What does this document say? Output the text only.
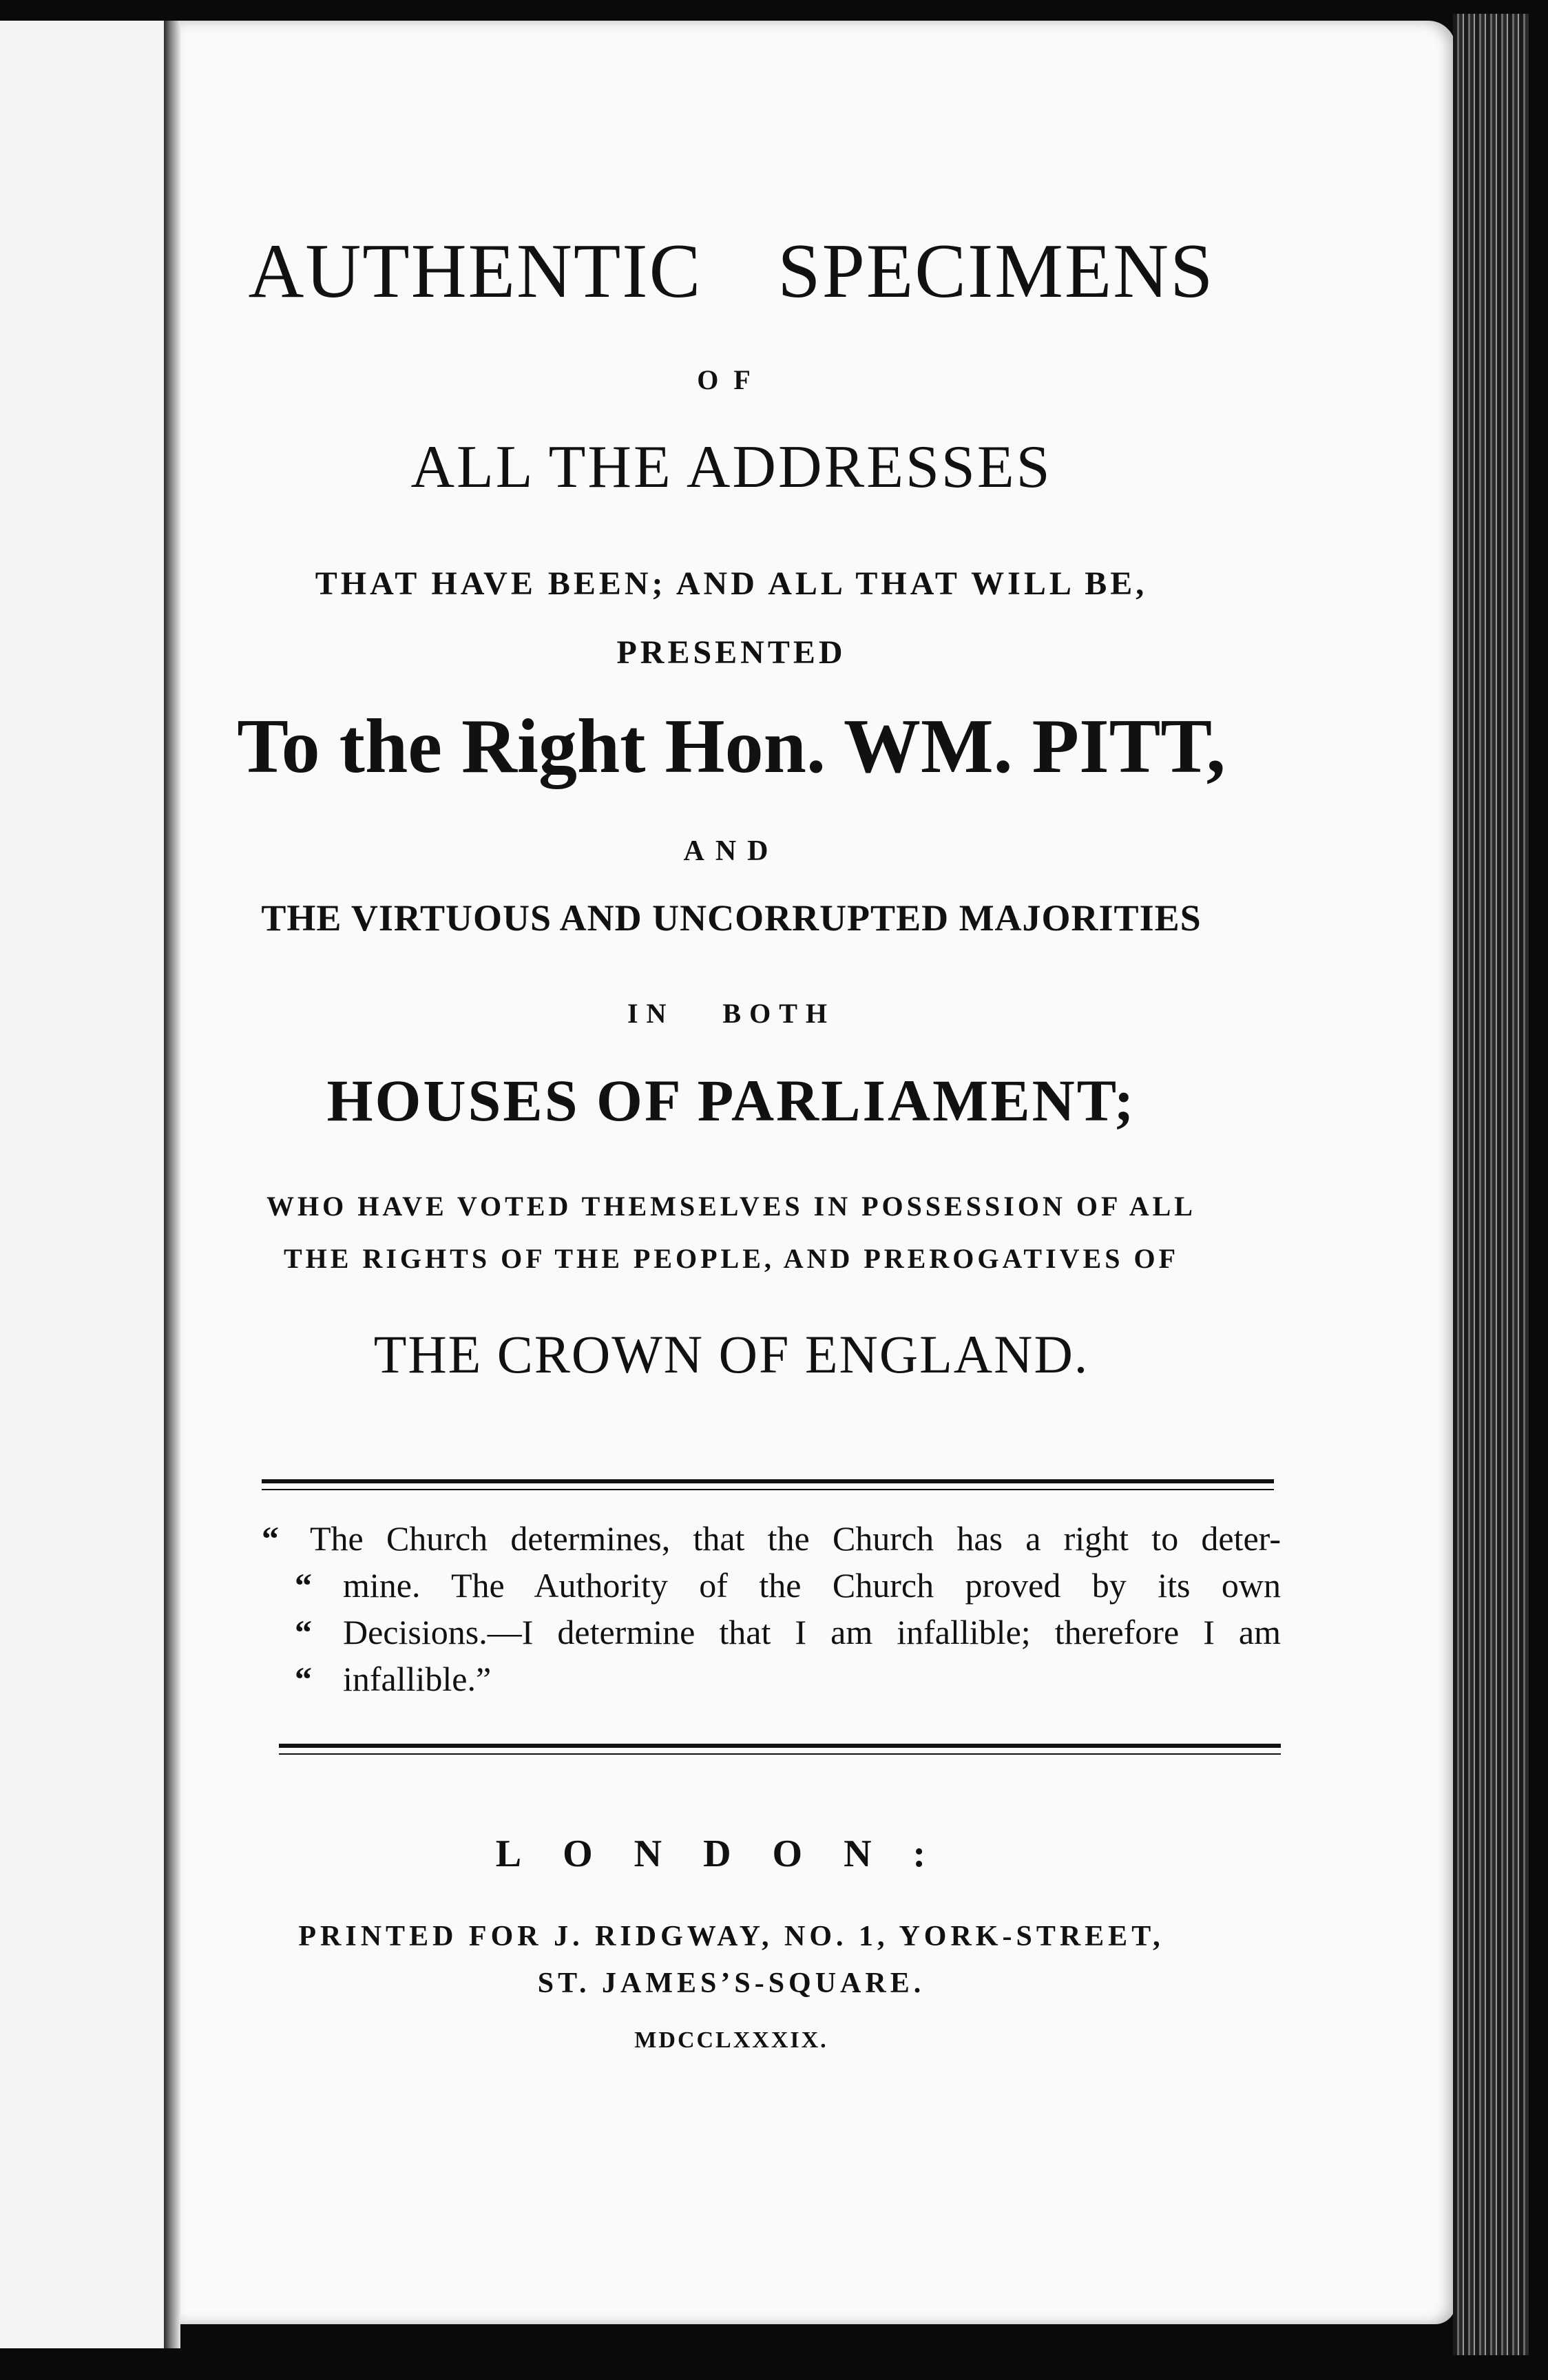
AUTHENTIC SPECIMENS
OF
ALL THE ADDRESSES
THAT HAVE BEEN; AND ALL THAT WILL BE,
PRESENTED
To the Right Hon. WM. PITT,
AND
THE VIRTUOUS AND UNCORRUPTED MAJORITIES
IN BOTH
HOUSES OF PARLIAMENT;
WHO HAVE VOTED THEMSELVES IN POSSESSION OF ALL
THE RIGHTS OF THE PEOPLE, AND PREROGATIVES OF
THE CROWN OF ENGLAND.
“ The Church determines, that the Church has a right to deter-
“ mine. The Authority of the Church proved by its own
“ Decisions.—I determine that I am infallible; therefore I am
“ infallible.”
LONDON:
PRINTED FOR J. RIDGWAY, NO. 1, YORK-STREET,
ST. JAMES’S-SQUARE.
MDCCLXXXIX.
